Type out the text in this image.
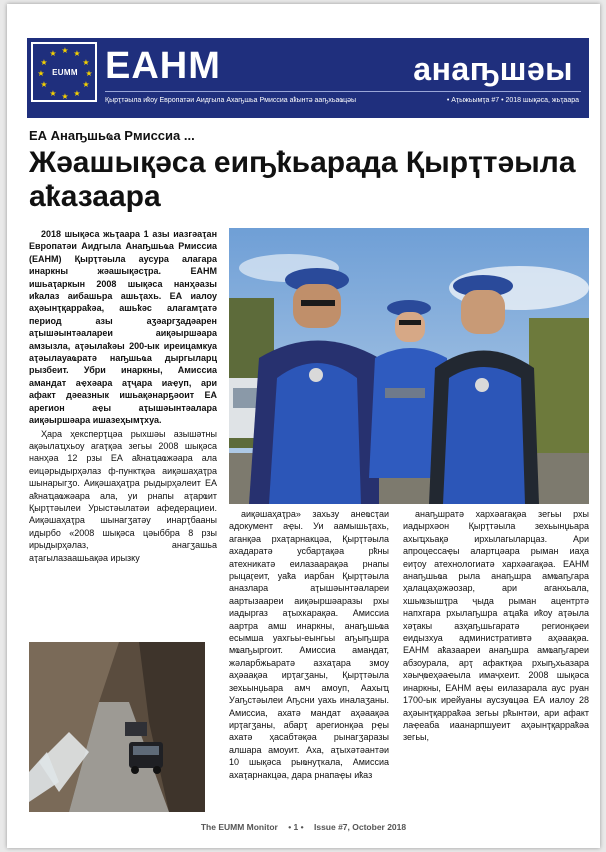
★ ★
★
★
★
★
★
★
★
★
★
★
EUMM EAHM	анаҧшәы
Қырҭтәыла иҟоу Европатәи Аидгыла Ахаҧшьа Рмиссиа аҟынтә ааҧхьаҩцәы	• Аҭыжьымҭа #7 • 2018 шықәса, жьҭаара
ЕА Анаҧшьҩа Рмиссиа ...
Жәашықәса еиҧҟьарада Қырҭтәыла аҟазаара

2018 шықәса жьҭаара 1 азы иазгәаҭан Европатәи Аидгыла Анаҧшьҩа Рмиссиа (ЕАНМ) Қырҭтәыла аусура алагара инаркны жәашықәсҭра. ЕАНМ ишьаҭаркын 2008 шықәса нанҳәазы иҟалаз аибашьра ашьҭахь. ЕА иалоу аҳәынҭқарраҟәа, ашьҟәс алагамҭатә период азы аӡәаргӡадәарен аҭышәынтәалареи аиқәыршәара амзызла, аҭәылаҟәы 200-ык иреицамкуа аҭәылауаҩратә наҧшьҩа дыргыларц рызбеит. Убри инаркны, Амиссиа амандат аҿхәара аҭҷара иаҿуп, ари афакт дәеазнык ишьақәнарҕәоит ЕА арегион аҿы аҭышәынтәалара аиқәыршәара ишазеҳымҭхуа.

Ҳара ҳексперҭцәа рыхшәы азышәтны ақәылаҵхьоу агаҭқәа зегьы 2008 шықәса нанҳәа 12 рзы ЕА аҟнаҵаҩжәара ала еицәрыдырҳәлаз ф-пунктқәа аиқәшаҳаҭра шынарыгӡо. Аиқәшаҳаҭра рыдырҳәлеит ЕА аҟнаҵаҩжәара ала, уи рнапы аҭарҩит Қырҭтәылеи Урыстәылатәи афедерациеи. Аиқәшаҳаҭра шынагӡатәу инарҭбааны идырбо «2008 шықәса цәыббра 8 рзы ирыдырҳәлаз, анагӡашьа аҭагылазаашьақәа ирызку

аиқәшаҳаҭра» захьзу анеҩсҭаи адокумент аҿы. Уи аамышьҭахь, аганқәа рхаҭарнакцәа, Қырҭтәыла ахадаратә усбарҭақәа рҟны атехникатә еилазаарақәа рнапы рыцаӷеит, уаҟа иарбан Қырҭтәыла аназлара аҭышәынтәалареи аартызаареи аиқәыршәаразы рхы иадыргаз аҭыхкарақәа. Амиссиа аартра амш инаркны, анаҧшьҩа есымша уахгьы-еынгьы аҧыҧшра мҩаҧыргоит. Амиссиа амандат, жәларбжьаратә азхаҭара змоу аҳәаақәа ирҭагӡаны, Қырҭтәыла зехьынџьара амч амоуп, Аахыҵ Уаҧстәылеи Аҧсни уахь иналаӡаны. Амиссиа, ахатә мандат аҳәаақәа ирҭагӡаны, абарҭ арегионқәа рҿы ахатә ҳасабтәқәа рынагӡаразы алшара амоуит. Аха, аҭыхәтәантәи 10 шықәса рыҩнуҭкала, Амиссиа ахаҭарнакцәа, дара рнапаҿы иҟаз

анаҧшратә хархәагақәа зегьы рхы иадырхәон Қырҭтәыла зехьынџьара ахыҵхьақә ирхылагыларцаз. Ари апроцессаҿы алартцәара рыман иаҳа еиҭоу атехнологиатә хархәагақәа. ЕАНМ анаҧшьҩа рыла анаҧшра амҩаҧгара ҳалацаҳәжәозар, ари аганхьала, хшыҩзышҭра ҷыда рыман ацентртә напхгара рхылаҧшра аҵаҟа иҟоу аҭәыла хәҭакы азҳаҧшьгаратә регионқәеи еидызхуа административтә аҳәаақәа. ЕАНМ аҟазаареи анаҧшра амҩаҧгареи абзоурала, арҭ афактқәа рхыҧхьазара хәыҷҩеҳәаҽыла имаҷхеит. 2008 шықәса инаркны, ЕАНМ аҿы еилазарала аус руан 1700-ык ирейуаны аусзуҩцәа ЕА иалоу 28 аҳәынҭқарраҟәа зегьы рҟынтәи, ари афакт лаҿеаба иаанарпшуеит аҳәынҭқарраҟәа зегьы,

The EUMM Monitor • 1 • Issue #7, October 2018
